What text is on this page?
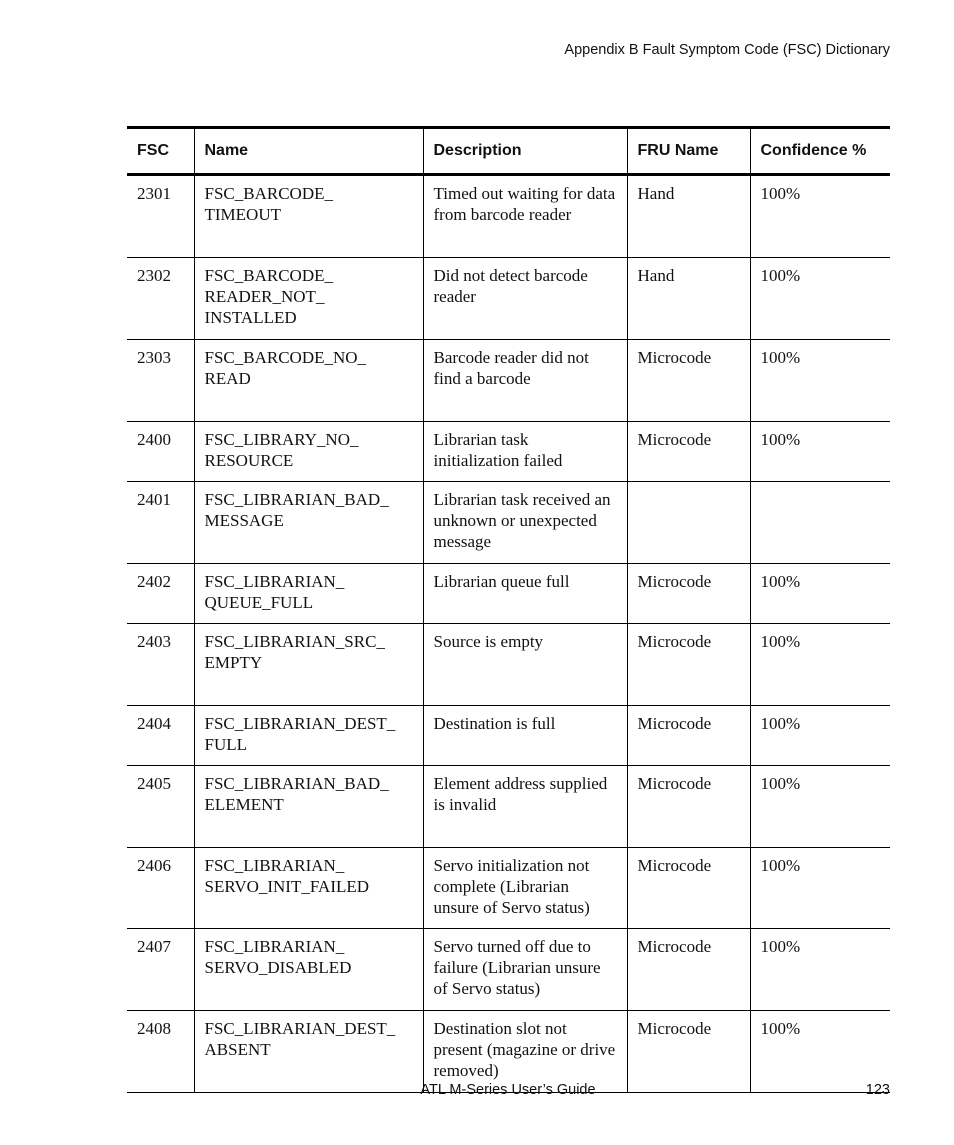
Appendix B Fault Symptom Code (FSC) Dictionary
FSC	Name	Description	FRU Name	Confidence %
2301	FSC_BARCODE_ TIMEOUT	Timed out waiting for data from barcode reader	Hand	100%
2302	FSC_BARCODE_ READER_NOT_ INSTALLED	Did not detect barcode reader	Hand	100%
2303	FSC_BARCODE_NO_ READ	Barcode reader did not find a barcode	Microcode	100%
2400	FSC_LIBRARY_NO_ RESOURCE	Librarian task initialization failed	Microcode	100%
2401	FSC_LIBRARIAN_BAD_ MESSAGE	Librarian task received an unknown or unexpected message		
2402	FSC_LIBRARIAN_ QUEUE_FULL	Librarian queue full	Microcode	100%
2403	FSC_LIBRARIAN_SRC_ EMPTY	Source is empty	Microcode	100%
2404	FSC_LIBRARIAN_DEST_ FULL	Destination is full	Microcode	100%
2405	FSC_LIBRARIAN_BAD_ ELEMENT	Element address supplied is invalid	Microcode	100%
2406	FSC_LIBRARIAN_ SERVO_INIT_FAILED	Servo initialization not complete (Librarian unsure of Servo status)	Microcode	100%
2407	FSC_LIBRARIAN_ SERVO_DISABLED	Servo turned off due to failure (Librarian unsure of Servo status)	Microcode	100%
2408	FSC_LIBRARIAN_DEST_ ABSENT	Destination slot not present (magazine or drive removed)	Microcode	100%
ATL M-Series User’s Guide	123
